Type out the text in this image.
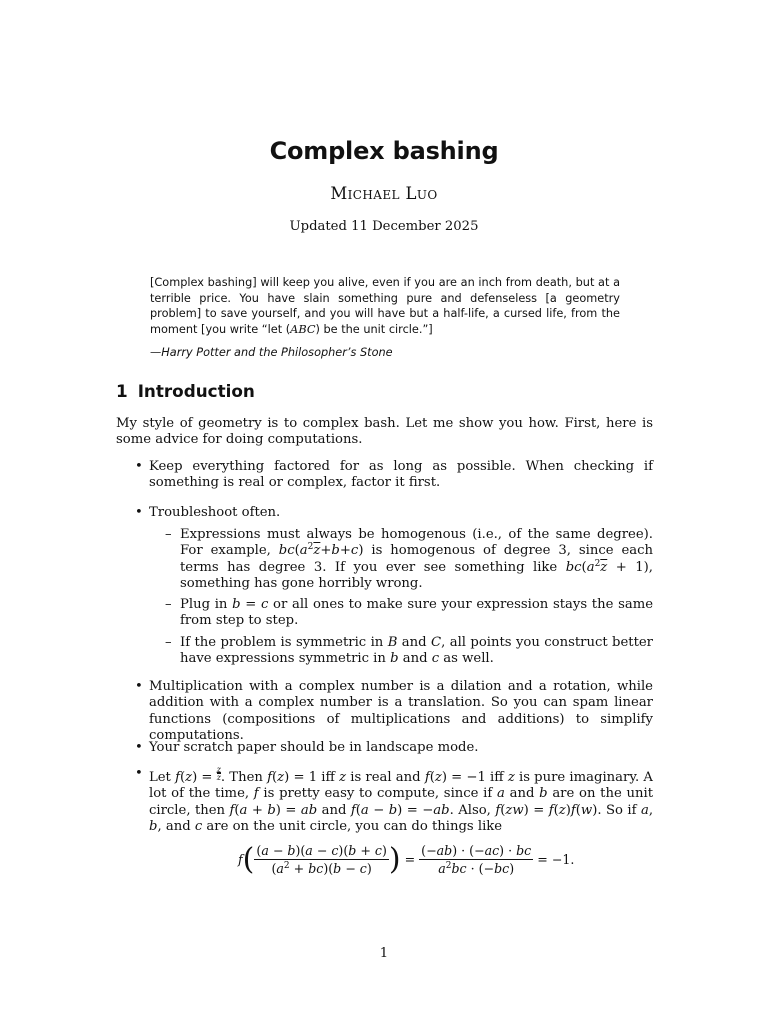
Complex bashing
Michael Luo
Updated 11 December 2025
[Complex bashing] will keep you alive, even if you are an inch from death, but at a terrible price. You have slain something pure and defenseless [a geometry problem] to save yourself, and you will have but a half-life, a cursed life, from the moment [you write “let (ABC) be the unit circle.”]
—Harry Potter and the Philosopher’s Stone
1 Introduction

My style of geometry is to complex bash. Let me show you how. First, here is some advice for doing computations.

• Keep everything factored for as long as possible. When checking if something is real or complex, factor it first.
• Troubleshoot often.
– Expressions must always be homogenous (i.e., of the same degree). For example, $bc(a^2\overline{z}+b+c)$ is homogenous of degree 3, since each terms has degree 3. If you ever see something like $bc(a^2\overline{z} + 1)$, something has gone horribly wrong.
– Plug in b = c or all ones to make sure your expression stays the same from step to step.
– If the problem is symmetric in B and C, all points you construct better have expressions symmetric in b and c as well.
• Multiplication with a complex number is a dilation and a rotation, while addition with a complex number is a translation. So you can spam linear functions (compositions of multiplications and additions) to simplify computations.
• Your scratch paper should be in landscape mode.
• Let $f(z) = \frac{z}{z}$ . Then f(z) = 1 iff z is real and f(z) = −1 iff z is pure imaginary. A lot of the time, f is pretty easy to compute, since if a and b are on the unit circle, then f(a + b) = ab and f(a − b) = −ab. Also, f(zw) = f(z)f(w). So if a, b, and c are on the unit circle, you can do things like
$f( \frac{(a - b)(a - c)(b + c)}{(a^2 + bc)(b - c)}$ ) = $\frac{(-ab) \cdot (-ac) \cdot bc}{a^2bc \cdot (-bc)} = -1$.
1
